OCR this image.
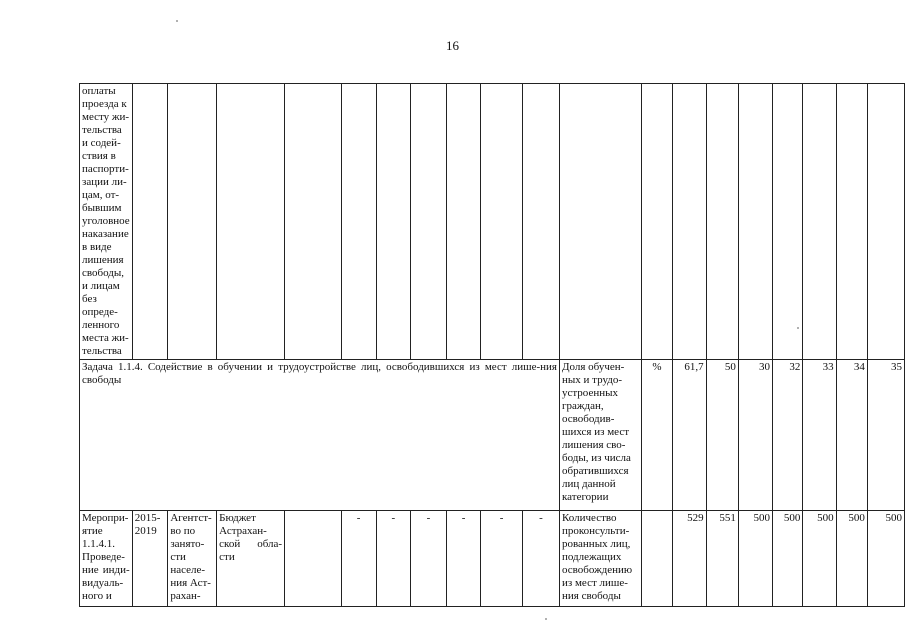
16
оплаты проезда к месту жи-тельства и содей-ствия в паспорти-зации ли-цам, от-бывшим уголовное наказание в виде лишения свободы, и лицам без опреде-ленного места жи-тельства																			
Задача 1.1.4. Содействие в обучении и трудоустройстве лиц, освободившихся из мест лише-ния свободы											Доля обучен-ных и трудо-устроенных граждан, освободив-шихся из мест лишения сво-боды, из числа обратившихся лиц данной категории	%	61,7	50	30	32	33	34	35
Меропри-ятие 1.1.4.1. Проведе-ние инди-видуаль-ного и	2015-2019	Агентст-во по занято-сти населе-ния Аст-рахан-	Бюджет Астрахан-ской обла-сти		-	-	-	-	-	-	Количество проконсульти-рованных лиц, подлежащих освобождению из мест лише-ния свободы		529	551	500	500	500	500	500
